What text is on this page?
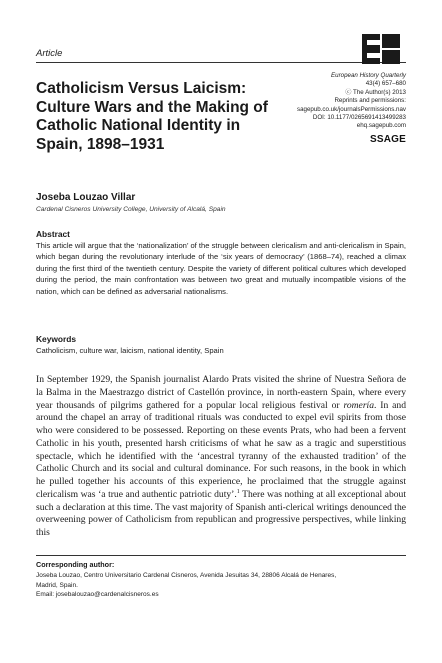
Article
European History Quarterly
43(4) 657–680
ⓒ The Author(s) 2013
Reprints and permissions:
sagepub.co.uk/journalsPermissions.nav
DOI: 10.1177/0265691413499283
ehq.sagepub.com
SSAGE
Catholicism Versus Laicism: Culture Wars and the Making of Catholic National Identity in Spain, 1898–1931
Joseba Louzao Villar
Cardenal Cisneros University College, University of Alcalá, Spain
Abstract

This article will argue that the ‘nationalization’ of the struggle between clericalism and anti-clericalism in Spain, which began during the revolutionary interlude of the ‘six years of democracy’ (1868–74), reached a climax during the first third of the twentieth century. Despite the variety of different political cultures which developed during the period, the main confrontation was between two great and mutually incompatible visions of the nation, which can be defined as adversarial nationalisms.

Keywords
Catholicism, culture war, laicism, national identity, Spain

In September 1929, the Spanish journalist Alardo Prats visited the shrine of Nuestra Señora de la Balma in the Maestrazgo district of Castellón province, in north-eastern Spain, where every year thousands of pilgrims gathered for a popular local religious festival or romería. In and around the chapel an array of traditional rituals was conducted to expel evil spirits from those who were considered to be possessed. Reporting on these events Prats, who had been a fervent Catholic in his youth, presented harsh criticisms of what he saw as a tragic and superstitious spectacle, which he identified with the ‘ancestral tyranny of the exhausted tradition’ of the Catholic Church and its social and cultural dominance. For such reasons, in the book in which he pulled together his accounts of this experience, he proclaimed that the struggle against clericalism was ‘a true and authentic patriotic duty’.$^1$ There was nothing at all exceptional about such a declaration at this time. The vast majority of Spanish anti-clerical writings denounced the overweening power of Catholicism from republican and progressive perspectives, while linking this

Corresponding author:
Joseba Louzao, Centro Universitario Cardenal Cisneros, Avenida Jesuitas 34, 28806 Alcalá de Henares,
Madrid, Spain.
Email: josebalouzao@cardenalcisneros.es
